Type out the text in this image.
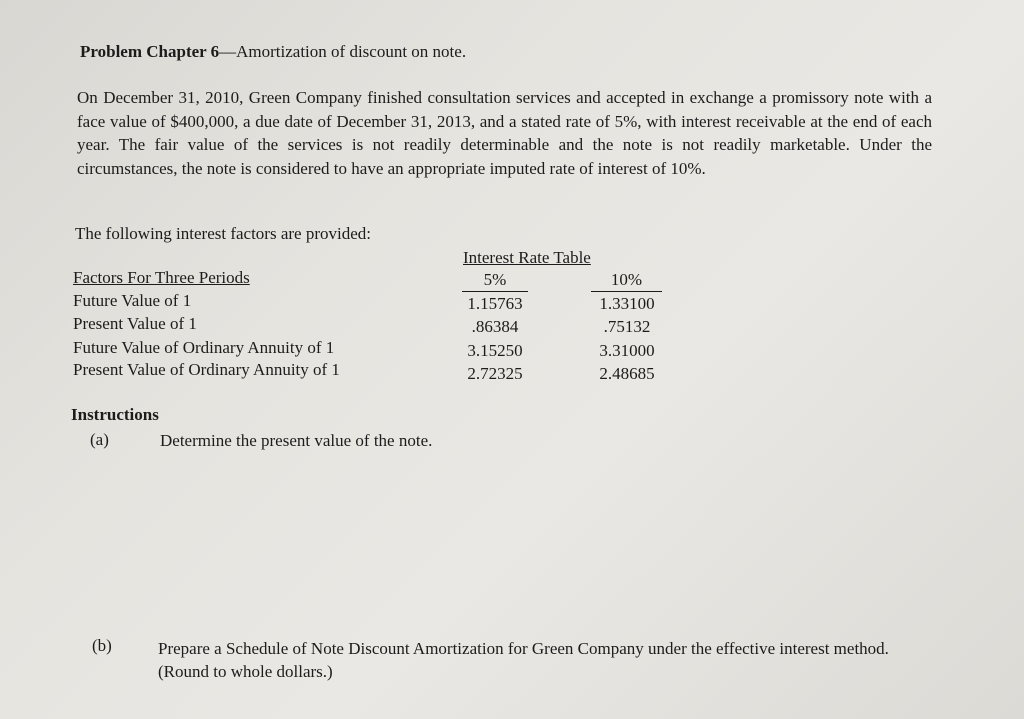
Problem Chapter 6—Amortization of discount on note.
On December 31, 2010, Green Company finished consultation services and accepted in exchange a promissory note with a face value of $400,000, a due date of December 31, 2013, and a stated rate of 5%, with interest receivable at the end of each year. The fair value of the services is not readily determinable and the note is not readily marketable. Under the circumstances, the note is considered to have an appropriate imputed rate of interest of 10%.
The following interest factors are provided:
Interest Rate Table
Factors For Three Periods	5%	10%
Future Value of 1	1.15763	1.33100
Present Value of 1	.86384	.75132
Future Value of Ordinary Annuity of 1	3.15250	3.31000
Present Value of Ordinary Annuity of 1	2.72325	2.48685
Instructions
(a)	Determine the present value of the note.
(b)	Prepare a Schedule of Note Discount Amortization for Green Company under the effective interest method. (Round to whole dollars.)
